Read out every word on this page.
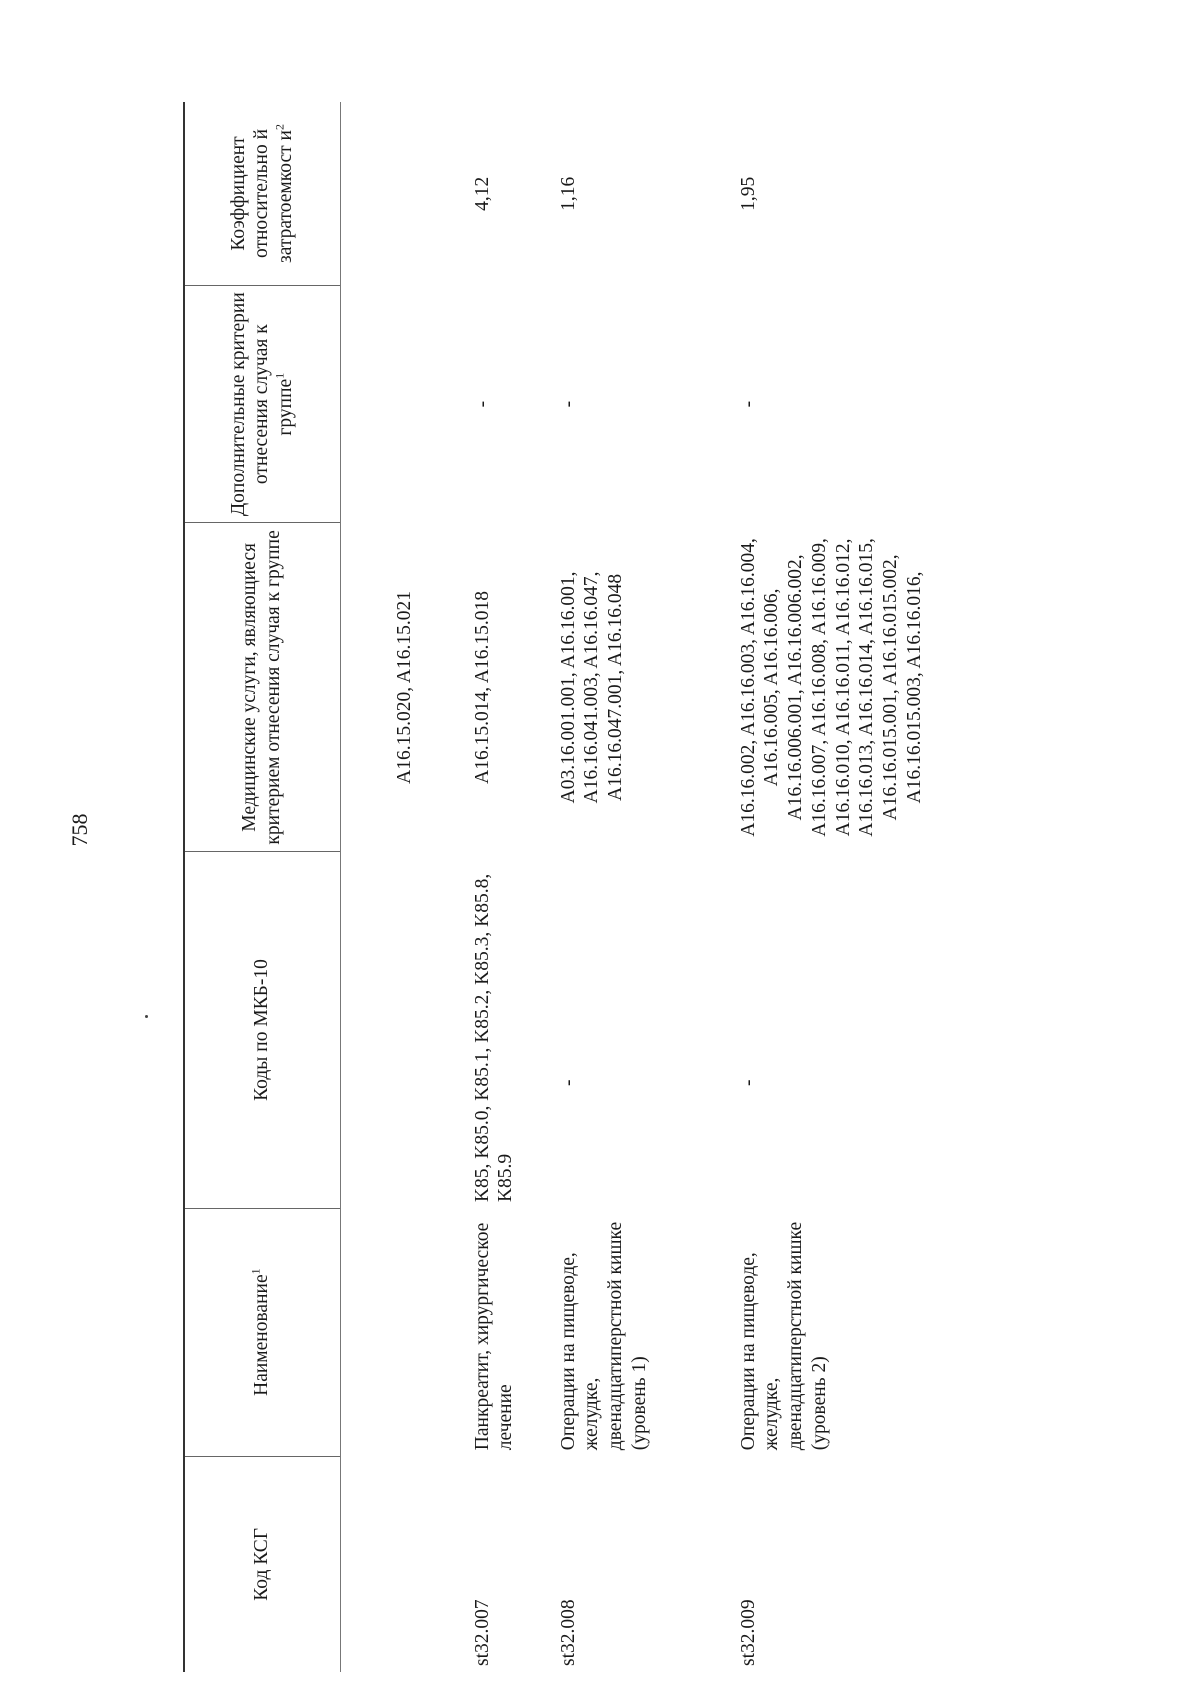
758
Код КСГ	Наименование$^1$	Коды по МКБ-10	Медицинские услуги, являющиеся критерием отнесения случая к группе	Дополнительные критерии отнесения случая к группе$^1$	Коэффициент относительно й затратоемкост $и^2$
			A16.15.020, A16.15.021		
st32.007	Панкреатит, хирургическое лечение	K85, K85.0, K85.1, K85.2, K85.3, K85.8, K85.9	A16.15.014, A16.15.018	-	4,12
st32.008	Операции на пищеводе, желудке, двенадцатиперстной кишке (уровень 1)	-	A03.16.001.001, A16.16.001, A16.16.041.003, A16.16.047, A16.16.047.001, A16.16.048	-	1,16
st32.009	Операции на пищеводе, желудке, двенадцатиперстной кишке (уровень 2)	-	A16.16.002, A16.16.003, A16.16.004, A16.16.005, A16.16.006, A16.16.006.001, A16.16.006.002, A16.16.007, A16.16.008, A16.16.009, A16.16.010, A16.16.011, A16.16.012, A16.16.013, A16.16.014, A16.16.015, A16.16.015.001, A16.16.015.002, A16.16.015.003, A16.16.016,	-	1,95
